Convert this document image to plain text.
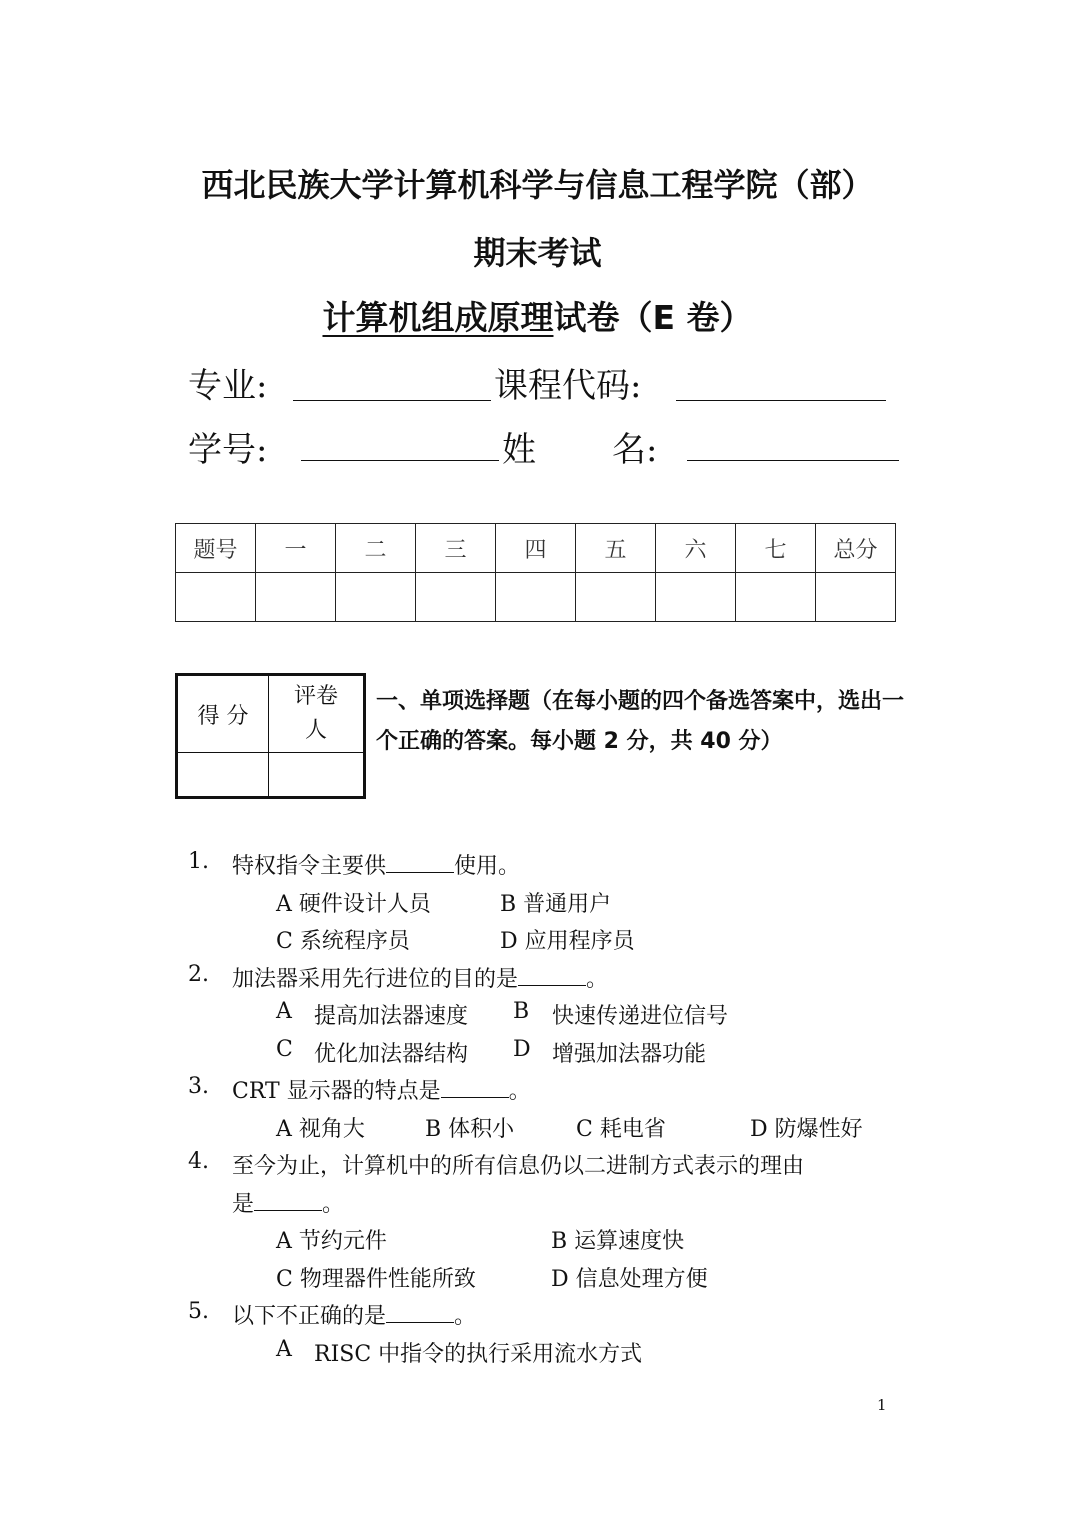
西北民族大学计算机科学与信息工程学院（部）
期末考试
计算机组成原理试卷（E 卷）
专业:	课程代码:
学号:	姓 名:
题号	一	二	三	四	五	六	七	总分

得 分	评卷
人

一、单项选择题（在每小题的四个备选答案中，选出一个正确的答案。每小题 2 分，共 40 分）
1. 特权指令主要供	使用。
A 硬件设计人员	B 普通用户
C 系统程序员	D 应用程序员
2. 加法器采用先行进位的目的是	。
A 提高加法器速度 B 快速传递进位信号
C 优化加法器结构 D 增强加法器功能
3. CRT 显示器的特点是	。
A 视角大	B 体积小	C 耗电省	D 防爆性好
4. 至今为止，计算机中的所有信息仍以二进制方式表示的理由
是	。
A 节约元件	B 运算速度快
C 物理器件性能所致	D 信息处理方便
5. 以下不正确的是	。
A RISC 中指令的执行采用流水方式
1
